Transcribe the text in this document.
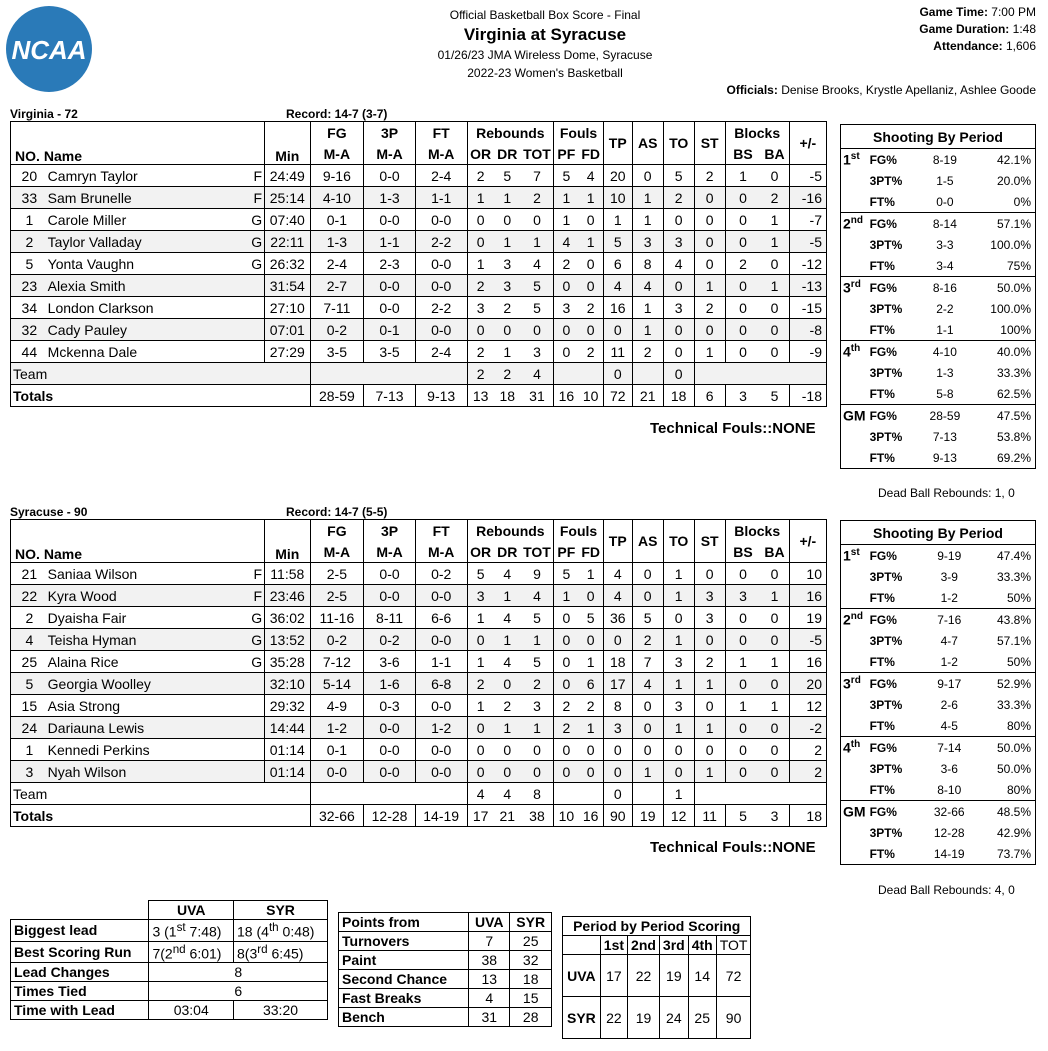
NCAA
Official Basketball Box Score - Final
Virginia at Syracuse
01/26/23 JMA Wireless Dome, Syracuse
2022-23 Women's Basketball
Game Time: 7:00 PM
Game Duration: 1:48
Attendance: 1,606
Officials: Denise Brooks, Krystle Apellaniz, Ashlee Goode
Virginia - 72	Record: 14-7 (3-7)
NO. Name		Min	FG	3P	FT	Rebounds			Fouls		TP	AS	TO	ST	Blocks		+/-
			M-A	M-A	M-A	OR	DR	TOT	PF	FD					BS	BA	
20	Camryn Taylor F	24:49	9-16	0-0	2-4	2	5	7	5	4	20	0	5	2	1	0	-5
33	Sam Brunelle F	25:14	4-10	1-3	1-1	1	1	2	1	1	10	1	2	0	0	2	-16
1	Carole Miller G	07:40	0-1	0-0	0-0	0	0	0	1	0	1	1	0	0	0	1	-7
2	Taylor Valladay G	22:11	1-3	1-1	2-2	0	1	1	4	1	5	3	3	0	0	1	-5
5	Yonta Vaughn G	26:32	2-4	2-3	0-0	1	3	4	2	0	6	8	4	0	2	0	-12
23	Alexia Smith	31:54	2-7	0-0	0-0	2	3	5	0	0	4	4	0	1	0	1	-13
34	London Clarkson	27:10	7-11	0-0	2-2	3	2	5	3	2	16	1	3	2	0	0	-15
32	Cady Pauley	07:01	0-2	0-1	0-0	0	0	0	0	0	0	1	0	0	0	0	-8
44	Mckenna Dale	27:29	3-5	3-5	2-4	2	1	3	0	2	11	2	0	1	0	0	-9
Team						2	2	4			0		0				
Totals			28-59	7-13	9-13	13	18	31	16	10	72	21	18	6	3	5	-18
Technical Fouls::NONE
Shooting By Period			
1st	FG%	8-19	42.1%
	3PT%	1-5	20.0%
	FT%	0-0	0%
2nd	FG%	8-14	57.1%
	3PT%	3-3	100.0%
	FT%	3-4	75%
3rd	FG%	8-16	50.0%
	3PT%	2-2	100.0%
	FT%	1-1	100%
4th	FG%	4-10	40.0%
	3PT%	1-3	33.3%
	FT%	5-8	62.5%
GM	FG%	28-59	47.5%
	3PT%	7-13	53.8%
	FT%	9-13	69.2%
Dead Ball Rebounds: 1, 0
Syracuse - 90	Record: 14-7 (5-5)
NO. Name		Min	FG	3P	FT	Rebounds			Fouls		TP	AS	TO	ST	Blocks		+/-
			M-A	M-A	M-A	OR	DR	TOT	PF	FD					BS	BA	
21	Saniaa Wilson F	11:58	2-5	0-0	0-2	5	4	9	5	1	4	0	1	0	0	0	10
22	Kyra Wood F	23:46	2-5	0-0	0-0	3	1	4	1	0	4	0	1	3	3	1	16
2	Dyaisha Fair G	36:02	11-16	8-11	6-6	1	4	5	0	5	36	5	0	3	0	0	19
4	Teisha Hyman G	13:52	0-2	0-2	0-0	0	1	1	0	0	0	2	1	0	0	0	-5
25	Alaina Rice G	35:28	7-12	3-6	1-1	1	4	5	0	1	18	7	3	2	1	1	16
5	Georgia Woolley	32:10	5-14	1-6	6-8	2	0	2	0	6	17	4	1	1	0	0	20
15	Asia Strong	29:32	4-9	0-3	0-0	1	2	3	2	2	8	0	3	0	1	1	12
24	Dariauna Lewis	14:44	1-2	0-0	1-2	0	1	1	2	1	3	0	1	1	0	0	-2
1	Kennedi Perkins	01:14	0-1	0-0	0-0	0	0	0	0	0	0	0	0	0	0	0	2
3	Nyah Wilson	01:14	0-0	0-0	0-0	0	0	0	0	0	0	1	0	1	0	0	2
Team						4	4	8			0		1				
Totals			32-66	12-28	14-19	17	21	38	10	16	90	19	12	11	5	3	18
Technical Fouls::NONE
Shooting By Period			
1st	FG%	9-19	47.4%
	3PT%	3-9	33.3%
	FT%	1-2	50%
2nd	FG%	7-16	43.8%
	3PT%	4-7	57.1%
	FT%	1-2	50%
3rd	FG%	9-17	52.9%
	3PT%	2-6	33.3%
	FT%	4-5	80%
4th	FG%	7-14	50.0%
	3PT%	3-6	50.0%
	FT%	8-10	80%
GM	FG%	32-66	48.5%
	3PT%	12-28	42.9%
	FT%	14-19	73.7%
Dead Ball Rebounds: 4, 0
	UVA	SYR
Biggest lead	3 (1st 7:48)	18 (4th 0:48)
Best Scoring Run	7(2nd 6:01)	8(3rd 6:45)
Lead Changes	8	
Times Tied	6	
Time with Lead	03:04	33:20
Points from	UVA	SYR
Turnovers	7	25
Paint	38	32
Second Chance	13	18
Fast Breaks	4	15
Bench	31	28
Period by Period Scoring					
	1st	2nd	3rd	4th	TOT
UVA	17	22	19	14	72
SYR	22	19	24	25	90
